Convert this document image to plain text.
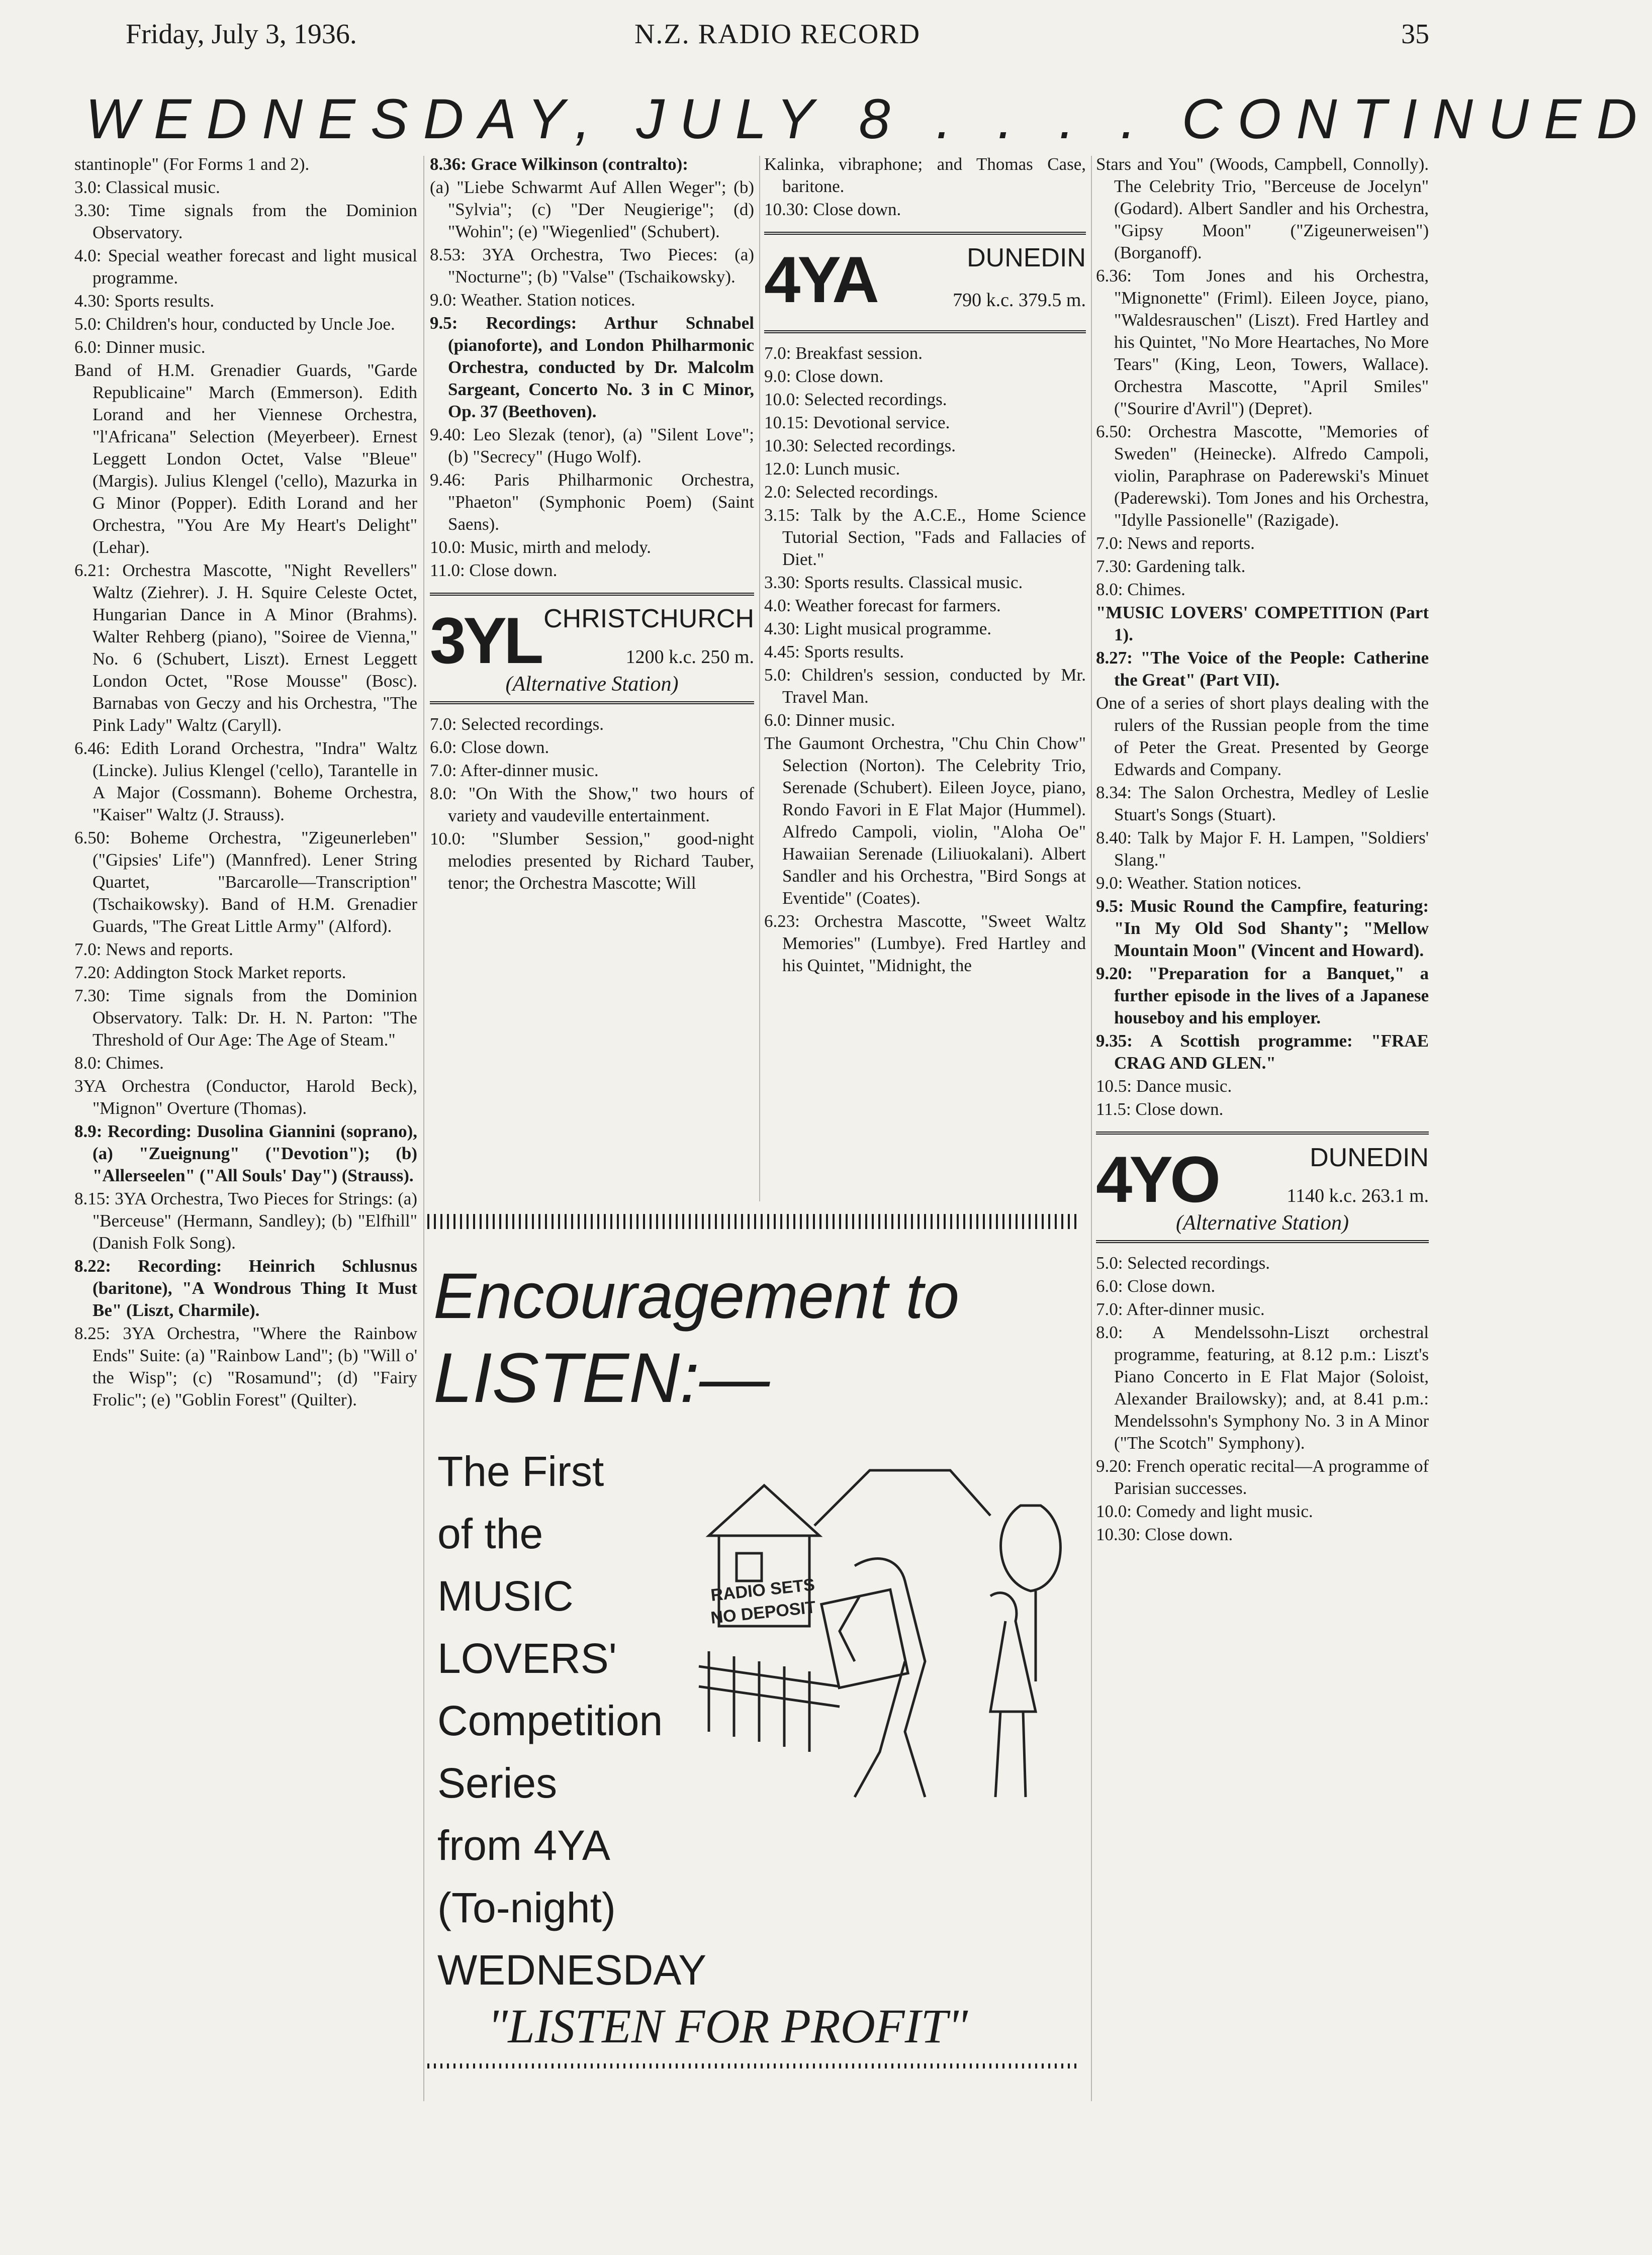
Friday, July 3, 1936.	N.Z. RADIO RECORD	35
WEDNESDAY, JULY 8 . . . . CONTINUED

stantinople" (For Forms 1 and 2).

3.0: Classical music.

3.30: Time signals from the Dominion Observatory.

4.0: Special weather forecast and light musical programme.

4.30: Sports results.

5.0: Children's hour, conducted by Uncle Joe.

6.0: Dinner music.

Band of H.M. Grenadier Guards, "Garde Republicaine" March (Emmerson). Edith Lorand and her Viennese Orchestra, "l'Africana" Selection (Meyerbeer). Ernest Leggett London Octet, Valse "Bleue" (Margis). Julius Klengel ('cello), Mazurka in G Minor (Popper). Edith Lorand and her Orchestra, "You Are My Heart's Delight" (Lehar).

6.21: Orchestra Mascotte, "Night Revellers" Waltz (Ziehrer). J. H. Squire Celeste Octet, Hungarian Dance in A Minor (Brahms). Walter Rehberg (piano), "Soiree de Vienna," No. 6 (Schubert, Liszt). Ernest Leggett London Octet, "Rose Mousse" (Bosc). Barnabas von Geczy and his Orchestra, "The Pink Lady" Waltz (Caryll).

6.46: Edith Lorand Orchestra, "Indra" Waltz (Lincke). Julius Klengel ('cello), Tarantelle in A Major (Cossmann). Boheme Orchestra, "Kaiser" Waltz (J. Strauss).

6.50: Boheme Orchestra, "Zigeunerleben" ("Gipsies' Life") (Mannfred). Lener String Quartet, "Barcarolle—Transcription" (Tschaikowsky). Band of H.M. Grenadier Guards, "The Great Little Army" (Alford).

7.0: News and reports.

7.20: Addington Stock Market reports.

7.30: Time signals from the Dominion Observatory. Talk: Dr. H. N. Parton: "The Threshold of Our Age: The Age of Steam."

8.0: Chimes.

3YA Orchestra (Conductor, Harold Beck), "Mignon" Overture (Thomas).

8.9: Recording: Dusolina Giannini (soprano), (a) "Zueignung" ("Devotion"); (b) "Allerseelen" ("All Souls' Day") (Strauss).

8.15: 3YA Orchestra, Two Pieces for Strings: (a) "Berceuse" (Hermann, Sandley); (b) "Elfhill" (Danish Folk Song).

8.22: Recording: Heinrich Schlusnus (baritone), "A Wondrous Thing It Must Be" (Liszt, Charmile).

8.25: 3YA Orchestra, "Where the Rainbow Ends" Suite: (a) "Rainbow Land"; (b) "Will o' the Wisp"; (c) "Rosamund"; (d) "Fairy Frolic"; (e) "Goblin Forest" (Quilter).

8.36: Grace Wilkinson (contralto):

(a) "Liebe Schwarmt Auf Allen Weger"; (b) "Sylvia"; (c) "Der Neugierige"; (d) "Wohin"; (e) "Wiegenlied" (Schubert).

8.53: 3YA Orchestra, Two Pieces: (a) "Nocturne"; (b) "Valse" (Tschaikowsky).

9.0: Weather. Station notices.

9.5: Recordings: Arthur Schnabel (pianoforte), and London Philharmonic Orchestra, conducted by Dr. Malcolm Sargeant, Concerto No. 3 in C Minor, Op. 37 (Beethoven).

9.40: Leo Slezak (tenor), (a) "Silent Love"; (b) "Secrecy" (Hugo Wolf).

9.46: Paris Philharmonic Orchestra, "Phaeton" (Symphonic Poem) (Saint Saens).

10.0: Music, mirth and melody.

11.0: Close down.

3YL CHRISTCHURCH
1200 k.c. 250 m.
(Alternative Station)

7.0: Selected recordings.

6.0: Close down.

7.0: After-dinner music.

8.0: "On With the Show," two hours of variety and vaudeville entertainment.

10.0: "Slumber Session," good-night melodies presented by Richard Tauber, tenor; the Orchestra Mascotte; Will

Kalinka, vibraphone; and Thomas Case, baritone.

10.30: Close down.

4YA	DUNEDIN
790 k.c. 379.5 m.

7.0: Breakfast session.

9.0: Close down.

10.0: Selected recordings.

10.15: Devotional service.

10.30: Selected recordings.

12.0: Lunch music.

2.0: Selected recordings.

3.15: Talk by the A.C.E., Home Science Tutorial Section, "Fads and Fallacies of Diet."

3.30: Sports results. Classical music.

4.0: Weather forecast for farmers.

4.30: Light musical programme.

4.45: Sports results.

5.0: Children's session, conducted by Mr. Travel Man.

6.0: Dinner music.

The Gaumont Orchestra, "Chu Chin Chow" Selection (Norton). The Celebrity Trio, Serenade (Schubert). Eileen Joyce, piano, Rondo Favori in E Flat Major (Hummel). Alfredo Campoli, violin, "Aloha Oe" Hawaiian Serenade (Liliuokalani). Albert Sandler and his Orchestra, "Bird Songs at Eventide" (Coates).

6.23: Orchestra Mascotte, "Sweet Waltz Memories" (Lumbye). Fred Hartley and his Quintet, "Midnight, the

Stars and You" (Woods, Campbell, Connolly). The Celebrity Trio, "Berceuse de Jocelyn" (Godard). Albert Sandler and his Orchestra, "Gipsy Moon" ("Zigeunerweisen") (Borganoff).

6.36: Tom Jones and his Orchestra, "Mignonette" (Friml). Eileen Joyce, piano, "Waldesrauschen" (Liszt). Fred Hartley and his Quintet, "No More Heartaches, No More Tears" (King, Leon, Towers, Wallace). Orchestra Mascotte, "April Smiles" ("Sourire d'Avril") (Depret).

6.50: Orchestra Mascotte, "Memories of Sweden" (Heinecke). Alfredo Campoli, violin, Paraphrase on Paderewski's Minuet (Paderewski). Tom Jones and his Orchestra, "Idylle Passionelle" (Razigade).

7.0: News and reports.

7.30: Gardening talk.

8.0: Chimes.

"MUSIC LOVERS' COMPETITION (Part 1).

8.27: "The Voice of the People: Catherine the Great" (Part VII).

One of a series of short plays dealing with the rulers of the Russian people from the time of Peter the Great. Presented by George Edwards and Company.

8.34: The Salon Orchestra, Medley of Leslie Stuart's Songs (Stuart).

8.40: Talk by Major F. H. Lampen, "Soldiers' Slang."

9.0: Weather. Station notices.

9.5: Music Round the Campfire, featuring: "In My Old Sod Shanty"; "Mellow Mountain Moon" (Vincent and Howard).

9.20: "Preparation for a Banquet," a further episode in the lives of a Japanese houseboy and his employer.

9.35: A Scottish programme: "FRAE CRAG AND GLEN."

10.5: Dance music.

11.5: Close down.

4YO	DUNEDIN
1140 k.c. 263.1 m.
(Alternative Station)

5.0: Selected recordings.

6.0: Close down.

7.0: After-dinner music.

8.0: A Mendelssohn-Liszt orchestral programme, featuring, at 8.12 p.m.: Liszt's Piano Concerto in E Flat Major (Soloist, Alexander Brailowsky); and, at 8.41 p.m.: Mendelssohn's Symphony No. 3 in A Minor ("The Scotch" Symphony).

9.20: French operatic recital—A programme of Parisian successes.

10.0: Comedy and light music.

10.30: Close down.

Encouragement to
LISTEN:—
The First
of the
MUSIC
LOVERS'
Competition
Series
from 4YA
(To-night)
WEDNESDAY
RADIO SETS
NO DEPOSIT
"LISTEN FOR PROFIT"
